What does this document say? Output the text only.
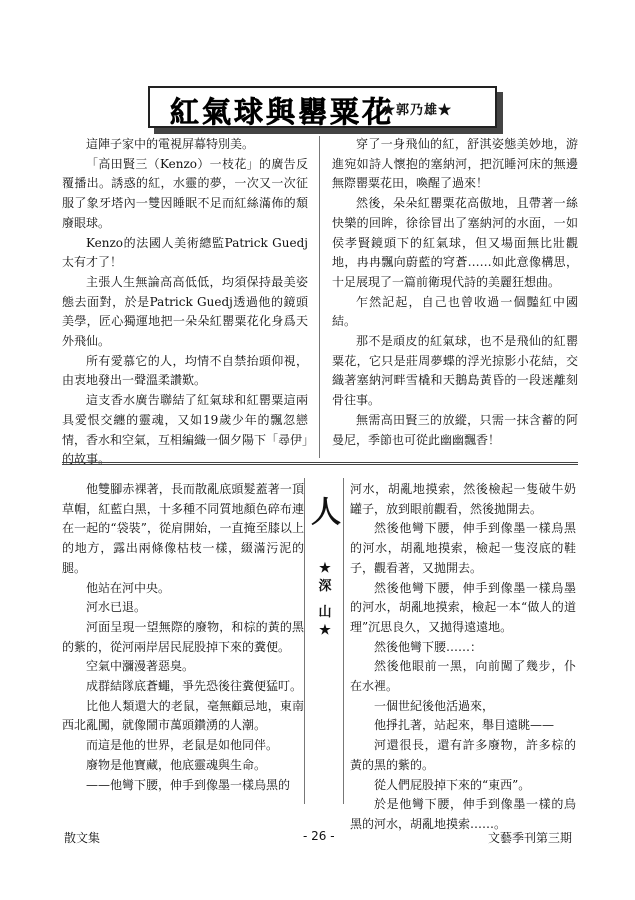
紅氣球與罌粟花
★郭乃雄★

這陣子家中的電視屏幕特別美。

「高田賢三（Kenzo）一枝花」的廣告反覆播出。誘惑的紅，水靈的夢，一次又一次征服了象牙塔內一雙因睡眠不足而紅絲滿佈的頹廢眼球。

Kenzo的法國人美術總監Patrick Guedj太有才了！

主張人生無論高高低低，均須保持最美姿態去面對，於是Patrick Guedj透過他的鏡頭美學，匠心獨運地把一朵朵紅罌粟花化身爲天外飛仙。

所有愛慕它的人，均情不自禁抬頭仰視，由衷地發出一聲溫柔讚歎。

這支香水廣告聯結了紅氣球和紅罌粟這兩具愛恨交纏的靈魂，又如19歲少年的飄忽戀情，香水和空氣，互相編織一個夕陽下「尋伊」的故事。

穿了一身飛仙的紅，舒淇姿態美妙地，游進宛如詩人懷抱的塞納河，把沉睡河床的無邊無際罌粟花田，喚醒了過來！

然後，朵朵紅罌粟花高傲地，且帶著一絲快樂的回眸，徐徐冒出了塞納河的水面，一如侯孝賢鏡頭下的紅氣球，但又場面無比壯觀地，冉冉飄向蔚藍的穹蒼……如此意像構思，十足展現了一篇前衛現代詩的美麗狂想曲。

乍然記起，自己也曾收過一個豔紅中國結。

那不是頑皮的紅氣球，也不是飛仙的紅罌粟花，它只是莊周夢蝶的浮光掠影小花結，交織著塞納河畔雪橇和天鵝島黃昏的一段迷離刻骨往事。

無需高田賢三的放縱，只需一抹含蓄的阿曼尼，季節也可從此幽幽飄香！

他雙腳赤裸著，長而散亂底頭髮蓋著一頂草帽，紅藍白黑，十多種不同質地顏色碎布連在一起的“袋裝”，從肩開始，一直掩至膝以上的地方，露出兩條像枯枝一樣，綴滿污泥的腿。

他站在河中央。

河水已退。

河面呈現一望無際的廢物，和棕的黃的黑的紫的，從河兩岸居民屁股掉下來的糞便。

空氣中瀰漫著惡臭。

成群結隊底蒼蠅，爭先恐後往糞便猛叮。

比他人類還大的老鼠，毫無顧忌地，東南西北亂闖，就像鬧市萬頭鑽湧的人潮。

而這是他的世界，老鼠是如他同伴。

廢物是他寶藏，他底靈魂與生命。

——他彎下腰，伸手到像墨一樣烏黑的

人
★
深
山
★

河水，胡亂地摸索，然後檢起一隻破牛奶罐子，放到眼前觀看，然後拋開去。

然後他彎下腰，伸手到像墨一樣烏黑的河水，胡亂地摸索，檢起一隻沒底的鞋子，觀看著，又拋開去。

然後他彎下腰，伸手到像墨一樣烏墨的河水，胡亂地摸索，檢起一本“做人的道理”沉思良久，又拋得遠遠地。

然後他彎下腰……：

然後他眼前一黑，向前闖了幾步，仆在水裡。

一個世紀後他活過來，

他掙扎著，站起來，舉目遠眺——

河還很長，還有許多廢物，許多棕的黃的黑的紫的。

從人們屁股掉下來的“東西”。

於是他彎下腰，伸手到像墨一樣的烏黑的河水，胡亂地摸索……。

散文集	- 26 -	文藝季刊第三期
